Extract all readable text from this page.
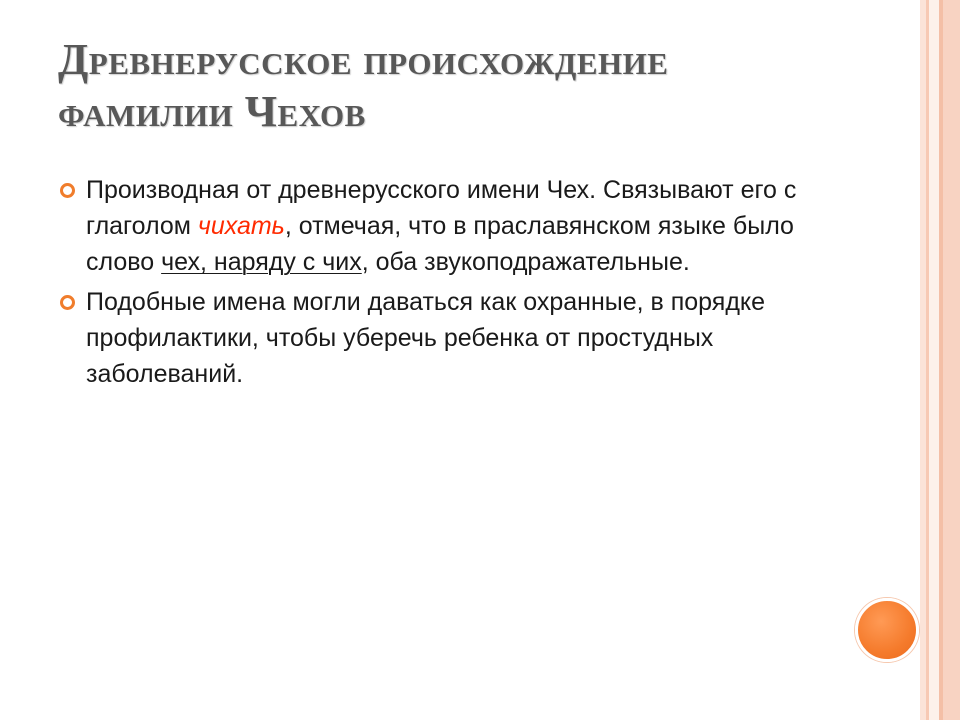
Древнерусское происхождение
фамилии Чехов
Производная от древнерусского имени Чех. Связывают его с глаголом чихать, отмечая, что в праславянском языке было слово чех, наряду с чих, оба звукоподражательные.
Подобные имена могли даваться как охранные, в порядке профилактики, чтобы уберечь ребенка от простудных заболеваний.
